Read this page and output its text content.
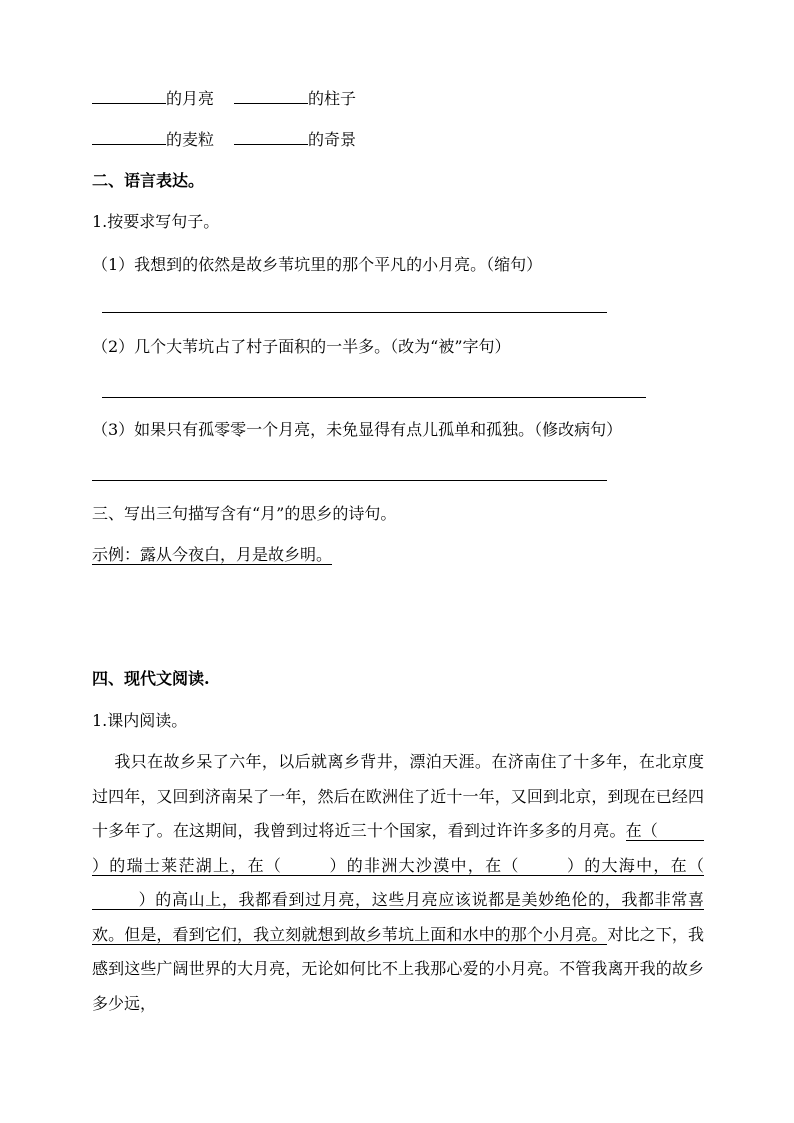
的月亮	的柱子
的麦粒	的奇景
二、语言表达。
1.按要求写句子。
（1）我想到的依然是故乡苇坑里的那个平凡的小月亮。（缩句）
（2）几个大苇坑占了村子面积的一半多。（改为“被”字句）
（3）如果只有孤零零一个月亮，未免显得有点儿孤单和孤独。（修改病句）
三、写出三句描写含有“月”的思乡的诗句。
示例：露从今夜白，月是故乡明。
四、现代文阅读.
1.课内阅读。
我只在故乡呆了六年，以后就离乡背井，漂泊天涯。在济南住了十多年，在北京度过四年，又回到济南呆了一年，然后在欧洲住了近十一年，又回到北京，到现在已经四十多年了。在这期间，我曾到过将近三十个国家，看到过许许多多的月亮。在（）的瑞士莱茫湖上，在（	）的非洲大沙漠中，在（	）的大海中，在（）的高山上，我都看到过月亮，这些月亮应该说都是美妙绝伦的，我都非常喜欢。但是，看到它们，我立刻就想到故乡苇坑上面和水中的那个小月亮。对比之下，我感到这些广阔世界的大月亮，无论如何比不上我那心爱的小月亮。不管我离开我的故乡多少远，
